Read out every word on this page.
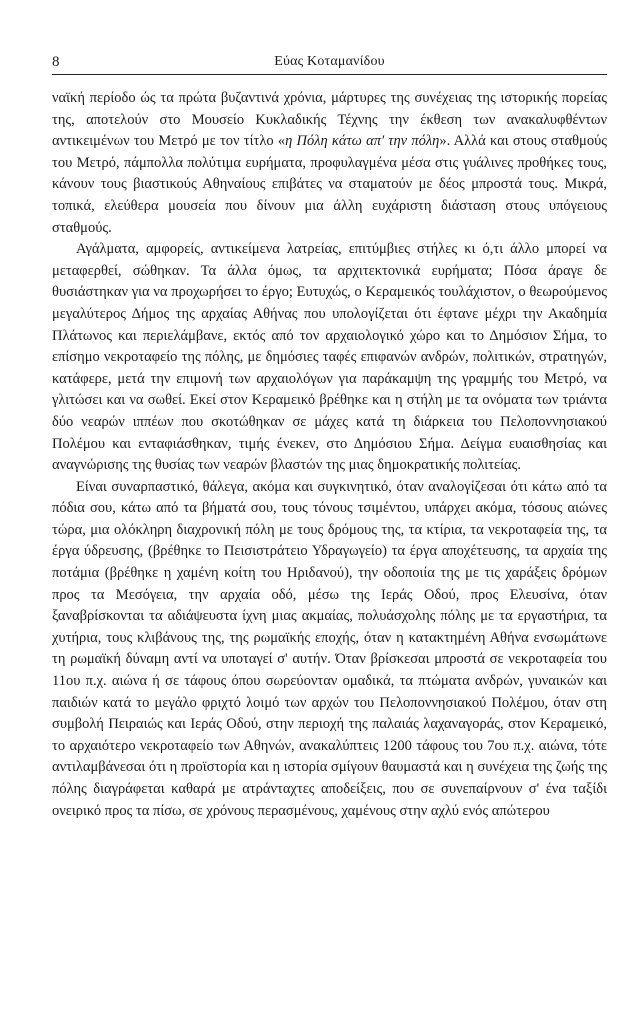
8	Εύας Κοταμανίδου

ναϊκή περίοδο ώς τα πρώτα βυζαντινά χρόνια, μάρτυρες της συνέχειας της ιστορικής πορείας της, αποτελούν στο Μουσείο Κυκλαδικής Τέχνης την έκθεση των ανακαλυφθέντων αντικειμένων του Μετρό με τον τίτλο «η Πόλη κάτω απ' την πόλη». Αλλά και στους σταθμούς του Μετρό, πάμπολλα πολύτιμα ευρήματα, προφυλαγμένα μέσα στις γυάλινες προθήκες τους, κάνουν τους βιαστικούς Αθηναίους επιβάτες να σταματούν με δέος μπροστά τους. Μικρά, τοπικά, ελεύθερα μουσεία που δίνουν μια άλλη ευχάριστη διάσταση στους υπόγειους σταθμούς.

Αγάλματα, αμφορείς, αντικείμενα λατρείας, επιτύμβιες στήλες κι ό,τι άλλο μπορεί να μεταφερθεί, σώθηκαν. Τα άλλα όμως, τα αρχιτεκτονικά ευρήματα; Πόσα άραγε δε θυσιάστηκαν για να προχωρήσει το έργο; Ευτυχώς, ο Κεραμεικός τουλάχιστον, ο θεωρούμενος μεγαλύτερος Δήμος της αρχαίας Αθήνας που υπολογίζεται ότι έφτανε μέχρι την Ακαδημία Πλάτωνος και περιελάμβανε, εκτός από τον αρχαιολογικό χώρο και το Δημόσιον Σήμα, το επίσημο νεκροταφείο της πόλης, με δημόσιες ταφές επιφανών ανδρών, πολιτικών, στρατηγών, κατάφερε, μετά την επιμονή των αρχαιολόγων για παράκαμψη της γραμμής του Μετρό, να γλιτώσει και να σωθεί. Εκεί στον Κεραμεικό βρέθηκε και η στήλη με τα ονόματα των τριάντα δύο νεαρών ιππέων που σκοτώθηκαν σε μάχες κατά τη διάρκεια του Πελοποννησιακού Πολέμου και ενταφιάσθηκαν, τιμής ένεκεν, στο Δημόσιου Σήμα. Δείγμα ευαισθησίας και αναγνώρισης της θυσίας των νεαρών βλαστών της μιας δημοκρατικής πολιτείας.

Είναι συναρπαστικό, θάλεγα, ακόμα και συγκινητικό, όταν αναλογίζεσαι ότι κάτω από τα πόδια σου, κάτω από τα βήματά σου, τους τόνους τσιμέντου, υπάρχει ακόμα, τόσους αιώνες τώρα, μια ολόκληρη διαχρονική πόλη με τους δρόμους της, τα κτίρια, τα νεκροταφεία της, τα έργα ύδρευσης, (βρέθηκε το Πεισιστράτειο Υδραγωγείο) τα έργα αποχέτευσης, τα αρχαία της ποτάμια (βρέθηκε η χαμένη κοίτη του Ηριδανού), την οδοποιία της με τις χαράξεις δρόμων προς τα Μεσόγεια, την αρχαία οδό, μέσω της Ιεράς Οδού, προς Ελευσίνα, όταν ξαναβρίσκονται τα αδιάψευστα ίχνη μιας ακμαίας, πολυάσχολης πόλης με τα εργαστήρια, τα χυτήρια, τους κλιβάνους της, της ρωμαϊκής εποχής, όταν η κατακτημένη Αθήνα ενσωμάτωνε τη ρωμαϊκή δύναμη αντί να υποταγεί σ' αυτήν. Όταν βρίσκεσαι μπροστά σε νεκροταφεία του 11ου π.χ. αιώνα ή σε τάφους όπου σωρεύονταν ομαδικά, τα πτώματα ανδρών, γυναικών και παιδιών κατά το μεγάλο φριχτό λοιμό των αρχών του Πελοποννησιακού Πολέμου, όταν στη συμβολή Πειραιώς και Ιεράς Οδού, στην περιοχή της παλαιάς λαχαναγοράς, στον Κεραμεικό, το αρχαιότερο νεκροταφείο των Αθηνών, ανακαλύπτεις 1200 τάφους του 7ου π.χ. αιώνα, τότε αντιλαμβάνεσαι ότι η προϊστορία και η ιστορία σμίγουν θαυμαστά και η συνέχεια της ζωής της πόλης διαγράφεται καθαρά με ατράνταχτες αποδείξεις, που σε συνεπαίρνουν σ' ένα ταξίδι ονειρικό προς τα πίσω, σε χρόνους περασμένους, χαμένους στην αχλύ ενός απώτερου
